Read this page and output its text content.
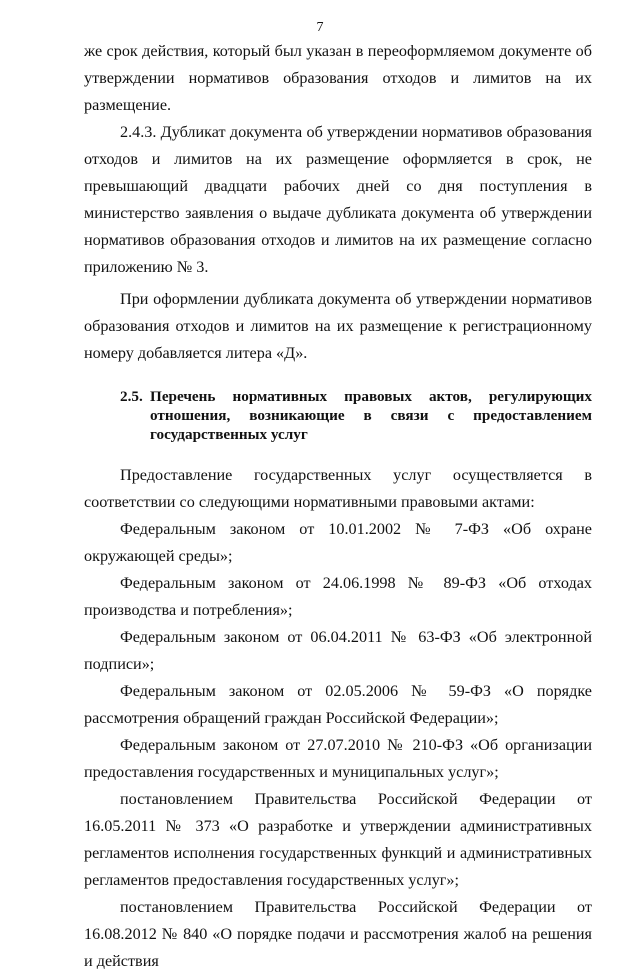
7

же срок действия, который был указан в переоформляемом документе об утверждении нормативов образования отходов и лимитов на их размещение.

2.4.3. Дубликат документа об утверждении нормативов образования отходов и лимитов на их размещение оформляется в срок, не превышающий двадцати рабочих дней со дня поступления в министерство заявления о выдаче дубликата документа об утверждении нормативов образования отходов и лимитов на их размещение согласно приложению № 3.

При оформлении дубликата документа об утверждении нормативов образования отходов и лимитов на их размещение к регистрационному номеру добавляется литера «Д».

2.5. Перечень нормативных правовых актов, регулирующих отношения, возникающие в связи с предоставлением государственных услуг

Предоставление государственных услуг осуществляется в соответствии со следующими нормативными правовыми актами:

Федеральным законом от 10.01.2002 № 7-ФЗ «Об охране окружающей среды»;

Федеральным законом от 24.06.1998 № 89-ФЗ «Об отходах производства и потребления»;

Федеральным законом от 06.04.2011 № 63-ФЗ «Об электронной подписи»;

Федеральным законом от 02.05.2006 № 59-ФЗ «О порядке рассмотрения обращений граждан Российской Федерации»;

Федеральным законом от 27.07.2010 № 210-ФЗ «Об организации предоставления государственных и муниципальных услуг»;

постановлением Правительства Российской Федерации от 16.05.2011 № 373 «О разработке и утверждении административных регламентов исполнения государственных функций и административных регламентов предоставления государственных услуг»;

постановлением Правительства Российской Федерации от 16.08.2012 № 840 «О порядке подачи и рассмотрения жалоб на решения и действия
